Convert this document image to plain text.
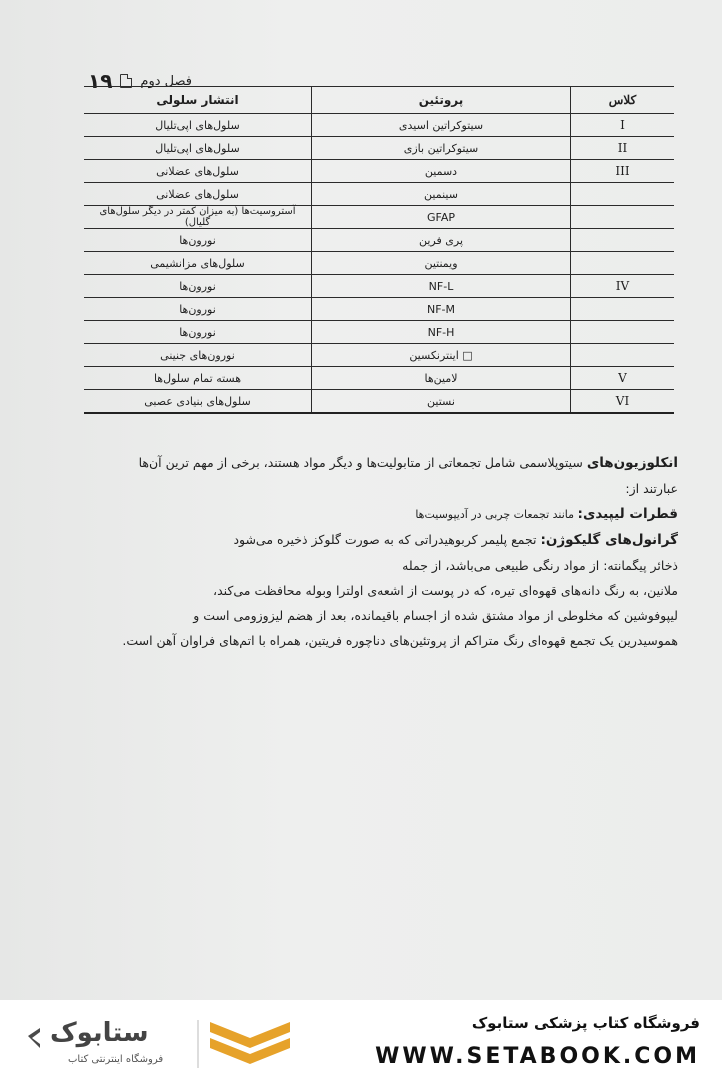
۱۹ فصل دوم
کلاس	پروتئین	انتشار سلولی
I	سیتوکراتین اسیدی	سلول‌های اپی‌تلیال
II	سیتوکراتین بازی	سلول‌های اپی‌تلیال
III	دسمین	سلول‌های عضلانی
	سینمین	سلول‌های عضلانی
	GFAP	آستروسیت‌ها (به میزان کمتر در دیگر سلول‌های گلیال)
	پری فرین	نورون‌ها
	ویمنتین	سلول‌های مزانشیمی
IV	NF-L	نورون‌ها
	NF-M	نورون‌ها
	NF-H	نورون‌ها
	□ اینترنکسین	نورون‌های جنینی
V	لامین‌ها	هسته تمام سلول‌ها
VI	نستین	سلول‌های بنیادی عصبی

انکلوزیون‌های سیتوپلاسمی شامل تجمعاتی از متابولیت‌ها و دیگر مواد هستند، برخی از مهم ترین آن‌ها عبارتند از:

قطرات لیپیدی: مانند تجمعات چربی در آدیپوسیت‌ها

گرانول‌های گلیکوژن: تجمع پلیمر کربوهیدراتی که به صورت گلوکز ذخیره می‌شود

ذخائر پیگمانته: از مواد رنگی طبیعی می‌باشد، از جمله

ملانین، به رنگ دانه‌های قهوه‌ای تیره، که در پوست از اشعه‌ی اولترا وبوله محافظت می‌کند،

لیپوفوشین که مخلوطی از مواد مشتق شده از اجسام باقیمانده، بعد از هضم لیزوزومی است و

هموسیدرین یک تجمع قهوه‌ای رنگ متراکم از پروتئین‌های دناچوره فریتین، همراه با اتم‌های فراوان آهن است.

ستابوک
فروشگاه اینترنتی کتاب
فروشگاه کتاب پزشکی ستابوک
WWW.SETABOOK.COM
